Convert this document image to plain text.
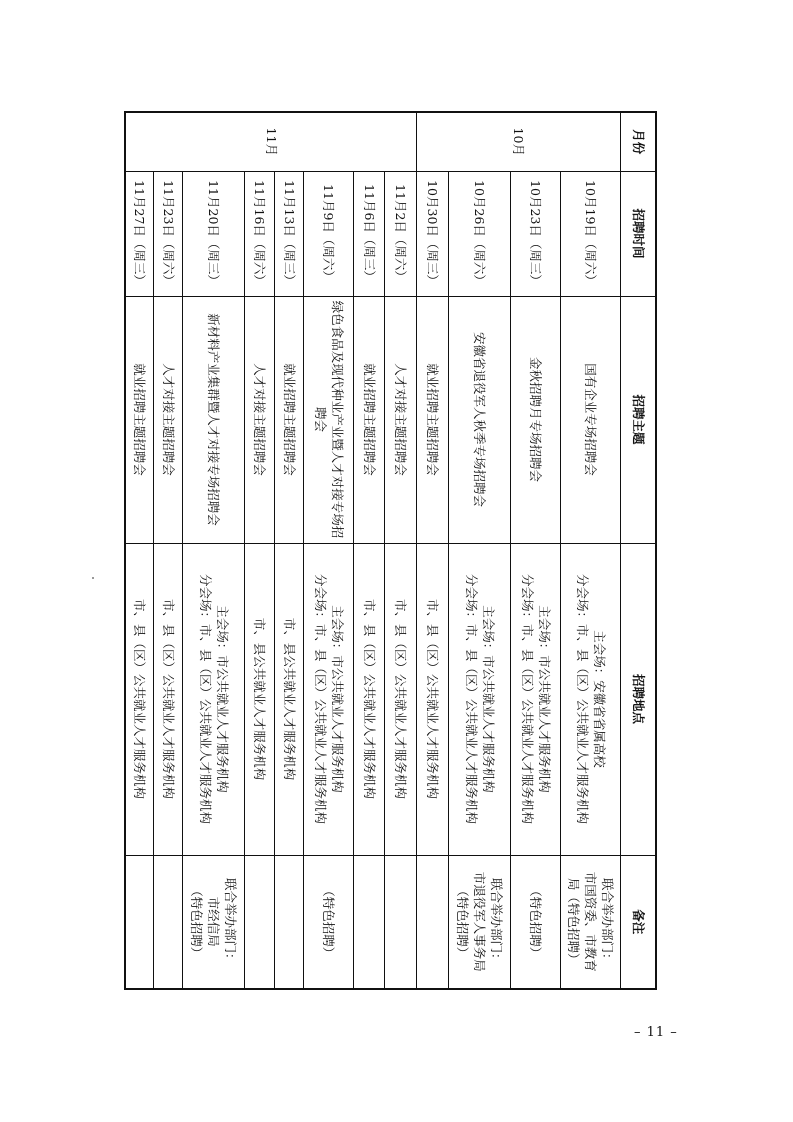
月份	招聘时间	招聘主题	招聘地点	备注
10月	10月19日（周六）	国有企业专场招聘会	主会场：安徽省省属高校
分会场：市、县（区）公共就业人才服务机构	联合举办部门：
市国资委、市教育
局（特色招聘）

	10月23日（周三）	金秋招聘月专场招聘会	主会场：市公共就业人才服务机构
分会场：市、县（区）公共就业人才服务机构	（特色招聘）

	10月26日（周六）	安徽省退役军人秋季专场招聘会	主会场：市公共就业人才服务机构
分会场：市、县（区）公共就业人才服务机构	联合举办部门：
市退役军人事务局
（特色招聘）

	10月30日（周三）	就业招聘主题招聘会	市、县（区）公共就业人才服务机构	

11月	11月2日（周六）	人才对接主题招聘会	市、县（区）公共就业人才服务机构	

	11月6日（周三）	就业招聘主题招聘会	市、县（区）公共就业人才服务机构	

	11月9日（周六）	绿色食品及现代种业产业暨人才对接专场招聘会	主会场：市公共就业人才服务机构
分会场：市、县（区）公共就业人才服务机构	（特色招聘）

	11月13日（周三）	就业招聘主题招聘会	市、县公共就业人才服务机构	

	11月16日（周六）	人才对接主题招聘会	市、县公共就业人才服务机构	

	11月20日（周三）	新材料产业集群暨人才对接专场招聘会	主会场：市公共就业人才服务机构
分会场：市、县（区）公共就业人才服务机构	联合举办部门：
市经信局
（特色招聘）

	11月23日（周六）	人才对接主题招聘会	市、县（区）公共就业人才服务机构	

	11月27日（周三）	就业招聘主题招聘会	市、县（区）公共就业人才服务机构	

– 11 –
